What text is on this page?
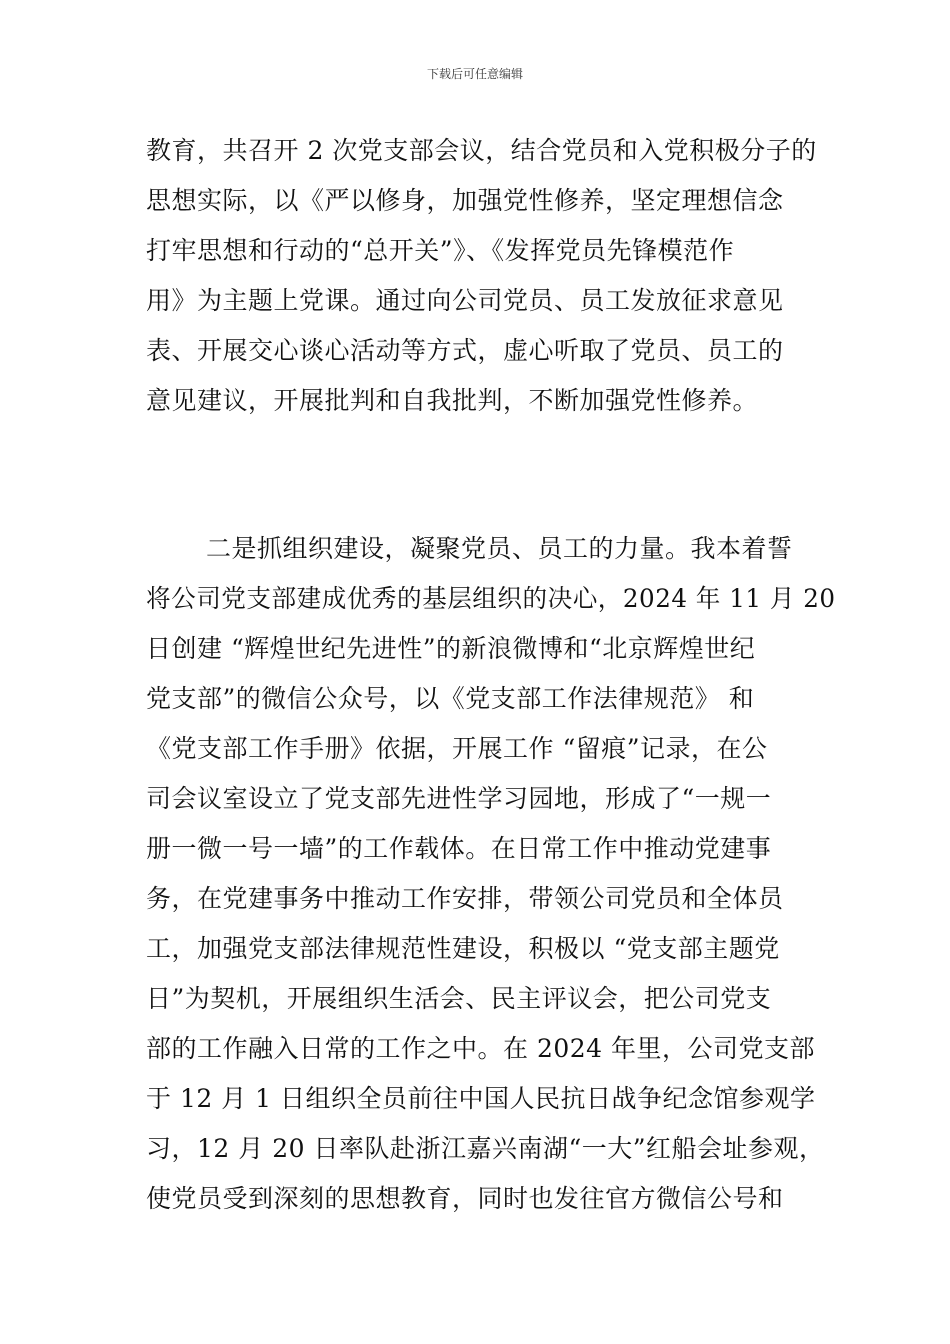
下载后可任意编辑
教育，共召开 2 次党支部会议，结合党员和入党积极分子的
思想实际，以《严以修身，加强党性修养，坚定理想信念
打牢思想和行动的“总开关”》、《发挥党员先锋模范作
用》为主题上党课。通过向公司党员、员工发放征求意见
表、开展交心谈心活动等方式，虚心听取了党员、员工的
意见建议，开展批判和自我批判，不断加强党性修养。
二是抓组织建设，凝聚党员、员工的力量。我本着誓
将公司党支部建成优秀的基层组织的决心，2024 年 11 月 20
日创建 “辉煌世纪先进性”的新浪微博和“北京辉煌世纪
党支部”的微信公众号，以《党支部工作法律规范》 和
《党支部工作手册》依据，开展工作 “留痕”记录，在公
司会议室设立了党支部先进性学习园地，形成了“一规一
册一微一号一墙”的工作载体。在日常工作中推动党建事
务，在党建事务中推动工作安排，带领公司党员和全体员
工，加强党支部法律规范性建设，积极以 “党支部主题党
日”为契机，开展组织生活会、民主评议会，把公司党支
部的工作融入日常的工作之中。在 2024 年里，公司党支部
于 12 月 1 日组织全员前往中国人民抗日战争纪念馆参观学
习，12 月 20 日率队赴浙江嘉兴南湖“一大”红船会址参观，
使党员受到深刻的思想教育，同时也发往官方微信公号和
